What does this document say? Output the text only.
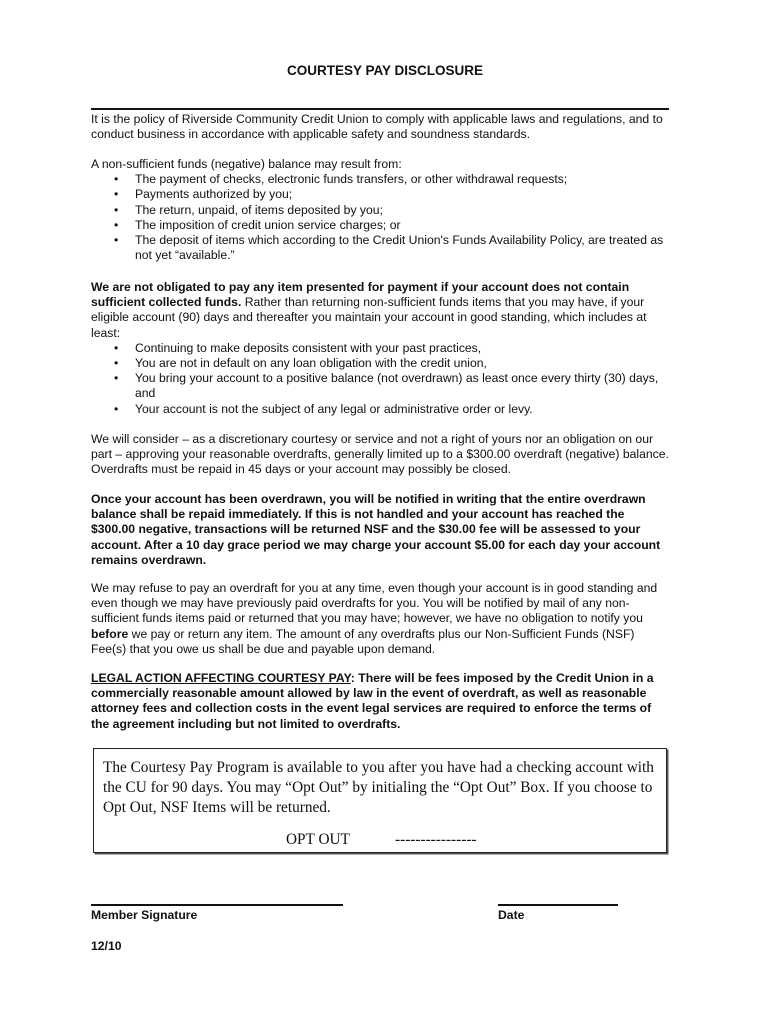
COURTESY PAY DISCLOSURE

It is the policy of Riverside Community Credit Union to comply with applicable laws and regulations, and to conduct business in accordance with applicable safety and soundness standards.

A non-sufficient funds (negative) balance may result from:

• The payment of checks, electronic funds transfers, or other withdrawal requests;
• Payments authorized by you;
• The return, unpaid, of items deposited by you;
• The imposition of credit union service charges; or
• The deposit of items which according to the Credit Union's Funds Availability Policy, are treated as not yet “available.”

We are not obligated to pay any item presented for payment if your account does not contain sufficient collected funds. Rather than returning non-sufficient funds items that you may have, if your eligible account (90) days and thereafter you maintain your account in good standing, which includes at least:

• Continuing to make deposits consistent with your past practices,
• You are not in default on any loan obligation with the credit union,
• You bring your account to a positive balance (not overdrawn) as least once every thirty (30) days, and
• Your account is not the subject of any legal or administrative order or levy.

We will consider – as a discretionary courtesy or service and not a right of yours nor an obligation on our part – approving your reasonable overdrafts, generally limited up to a $300.00 overdraft (negative) balance. Overdrafts must be repaid in 45 days or your account may possibly be closed.

Once your account has been overdrawn, you will be notified in writing that the entire overdrawn balance shall be repaid immediately. If this is not handled and your account has reached the $300.00 negative, transactions will be returned NSF and the $30.00 fee will be assessed to your account. After a 10 day grace period we may charge your account $5.00 for each day your account remains overdrawn.

We may refuse to pay an overdraft for you at any time, even though your account is in good standing and even though we may have previously paid overdrafts for you. You will be notified by mail of any non-sufficient funds items paid or returned that you may have; however, we have no obligation to notify you before we pay or return any item. The amount of any overdrafts plus our Non-Sufficient Funds (NSF) Fee(s) that you owe us shall be due and payable upon demand.

LEGAL ACTION AFFECTING COURTESY PAY: There will be fees imposed by the Credit Union in a commercially reasonable amount allowed by law in the event of overdraft, as well as reasonable attorney fees and collection costs in the event legal services are required to enforce the terms of the agreement including but not limited to overdrafts.

The Courtesy Pay Program is available to you after you have had a checking account with the CU for 90 days. You may “Opt Out” by initialing the “Opt Out” Box. If you choose to Opt Out, NSF Items will be returned.

OPT OUT	----------------
Member Signature	Date
12/10
